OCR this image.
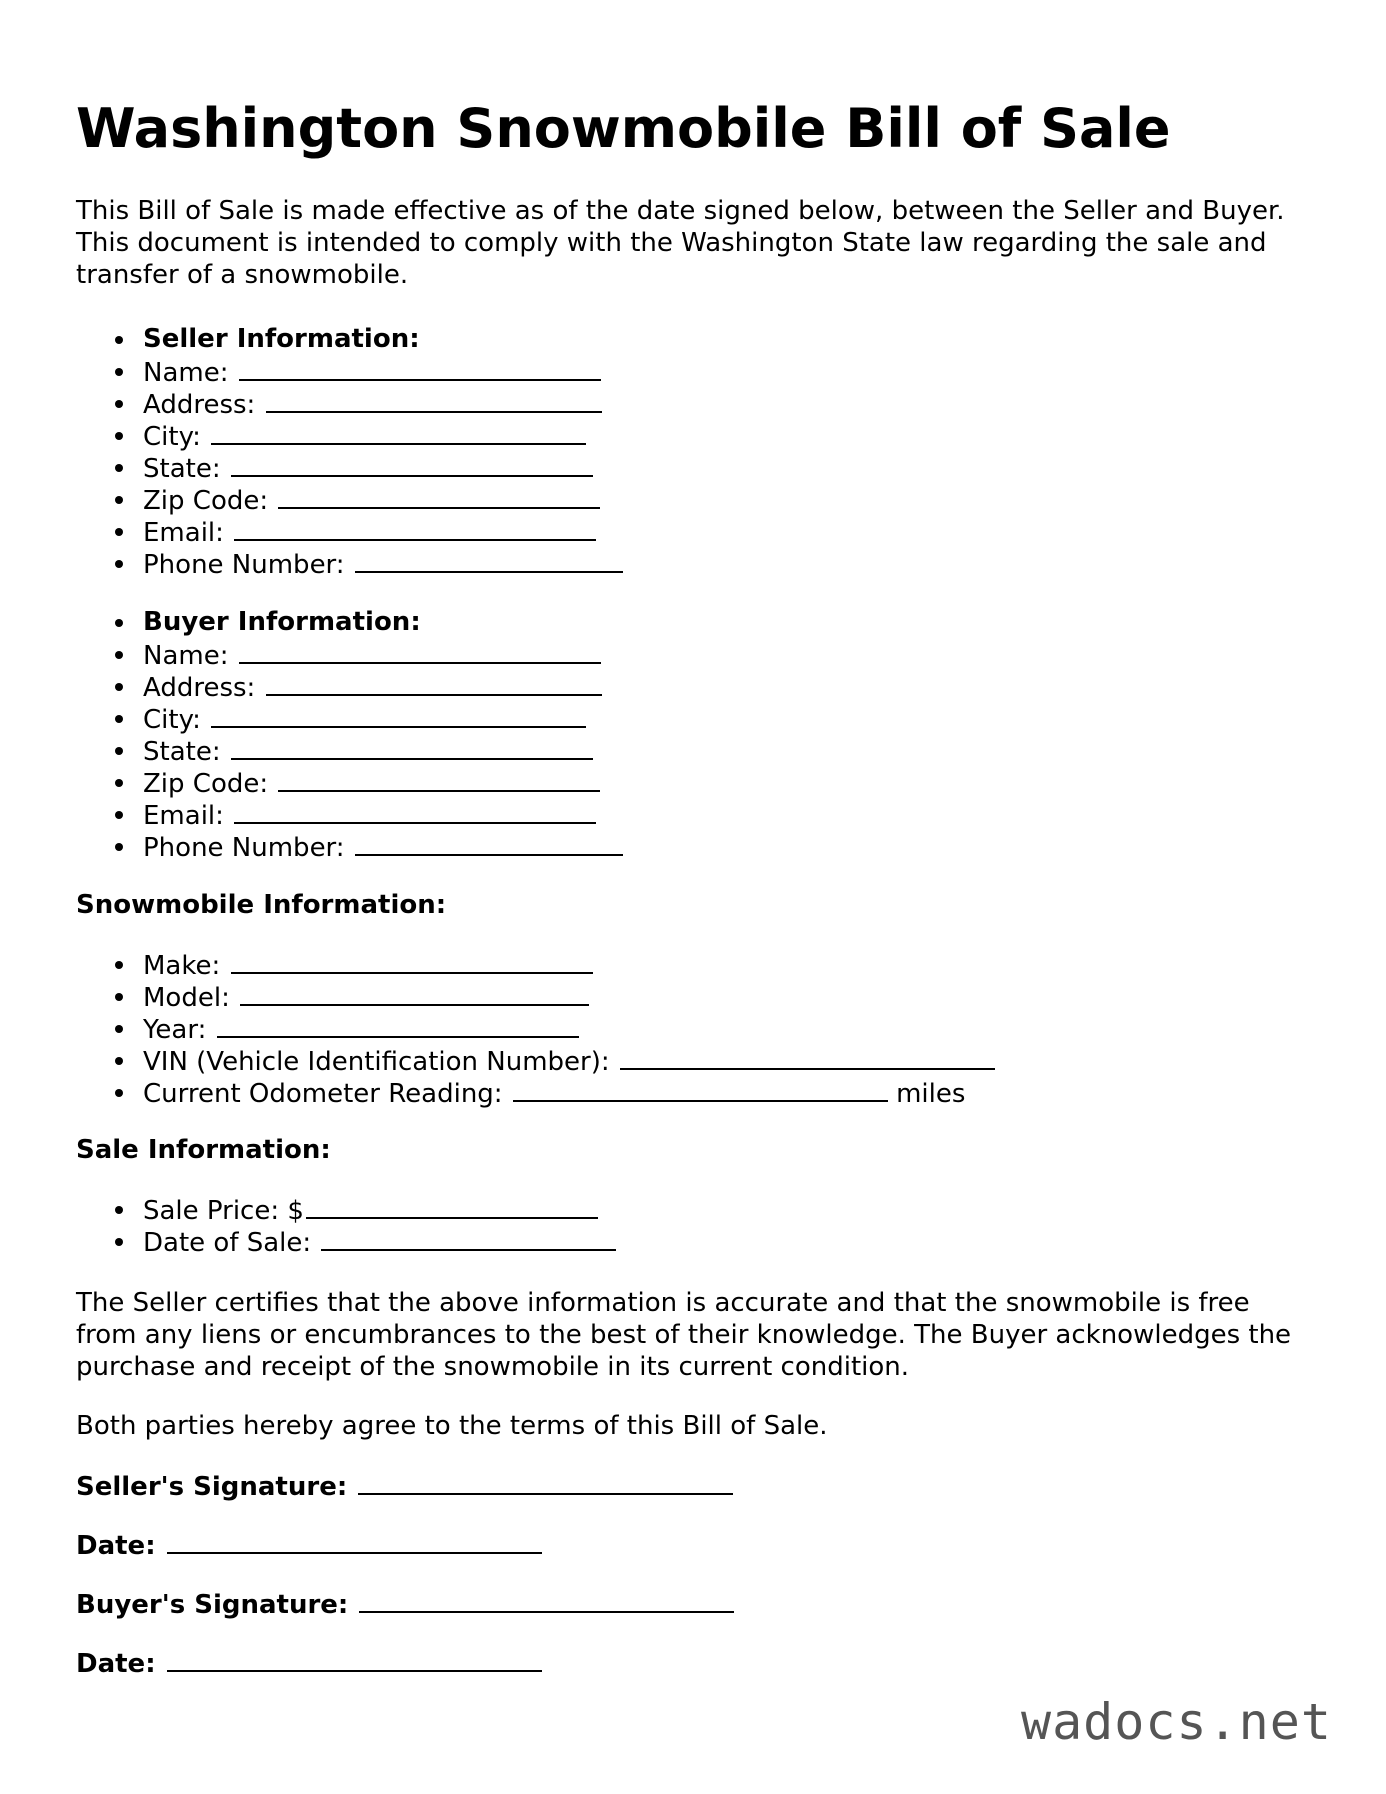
Washington Snowmobile Bill of Sale

This Bill of Sale is made effective as of the date signed below, between the Seller and Buyer. This document is intended to comply with the Washington State law regarding the sale and transfer of a snowmobile.

Seller Information:
Name:
Address:
City:
State:
Zip Code:
Email:
Phone Number:
Buyer Information:
Name:
Address:
City:
State:
Zip Code:
Email:
Phone Number:

Snowmobile Information:

Make:
Model:
Year:
VIN (Vehicle Identification Number):
Current Odometer Reading:	miles

Sale Information:

Sale Price: $
Date of Sale:

The Seller certifies that the above information is accurate and that the snowmobile is free from any liens or encumbrances to the best of their knowledge. The Buyer acknowledges the purchase and receipt of the snowmobile in its current condition.

Both parties hereby agree to the terms of this Bill of Sale.

Seller's Signature:

Date:

Buyer's Signature:

Date:

wadocs.net
